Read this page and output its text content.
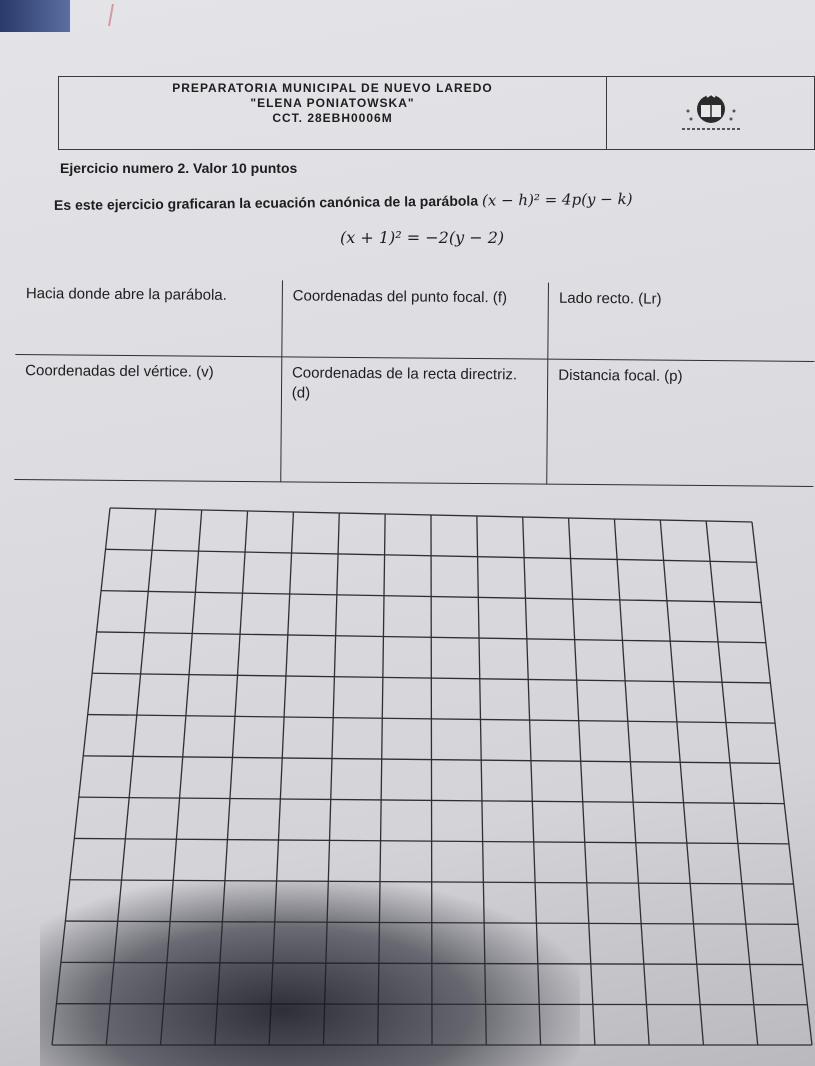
PREPARATORIA MUNICIPAL DE NUEVO LAREDO
"ELENA PONIATOWSKA"
CCT. 28EBH0006M
Ejercicio numero 2. Valor 10 puntos
Es este ejercicio graficaran la ecuación canónica de la parábola (x − h)² = 4p(y − k)
(x + 1)² = −2(y − 2)
Hacia donde abre la parábola.	Coordenadas del punto focal. (f)	Lado recto. (Lr)
Coordenadas del vértice. (v)	Coordenadas de la recta directriz. (d)	Distancia focal. (p)
